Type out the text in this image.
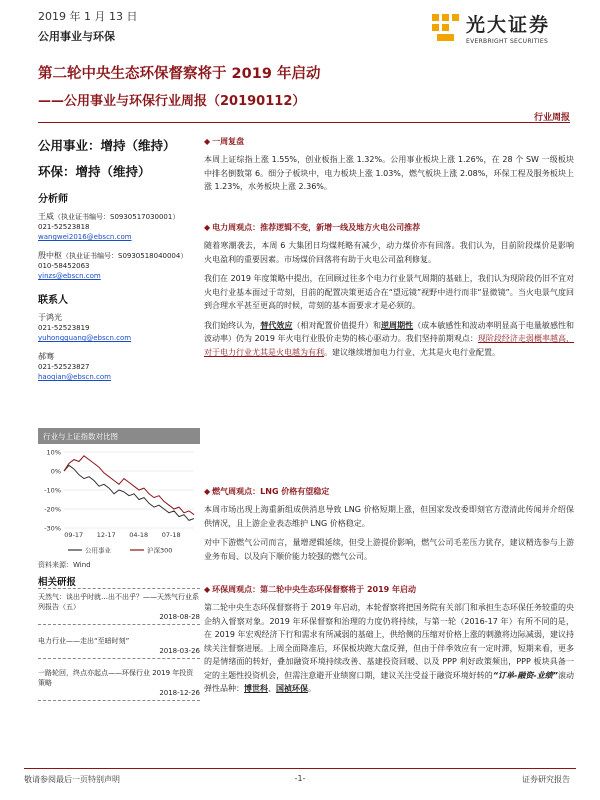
2019 年 1 月 13 日
公用事业与环保
光大证券
EVERBRIGHT SECURITIES
第二轮中央生态环保督察将于 2019 年启动
——公用事业与环保行业周报（20190112）
行业周报
公用事业：增持（维持）
环保：增持（维持）
分析师
王威（执业证书编号：S0930517030001）
021-52523818
wangwei2016@ebscn.com
殷中枢（执业证书编号：S0930518040004）
010-58452063
yinzs@ebscn.com
联系人
于鸿光
021-52523819
yuhongguang@ebscn.com
郝骞
021-52523827
haoqian@ebscn.com
行业与上证指数对比图
10%
0%
-10%
-20%
-30%
09-17 12-17 04-18 07-18
公用事业	沪深300
资料来源：Wind
相关研报
天然气：谈出乎时就…出不出乎？——天然气行业系列报告（五）
2018-08-28
电力行业——走出“至暗时刻”
2018-03-26
一路轮回，终点亦起点——环保行业 2019 年投资策略
2018-12-26
◆ 一周复盘
本周上证综指上涨 1.55%，创业板指上涨 1.32%。公用事业板块上涨 1.26%，在 28 个 SW 一级板块中排名倒数第 6。细分子板块中，电力板块上涨 1.03%，燃气板块上涨 2.08%，环保工程及服务板块上涨 1.23%，水务板块上涨 2.36%。
◆ 电力周观点：推荐逻辑不变，新增一线及地方火电公司推荐
随着寒潮袭去，本周 6 大集团日均煤耗略有减少，动力煤价亦有回落。我们认为，目前阶段煤价是影响火电盈利的重要因素。市场煤价回落将有助于火电公司盈利修复。
我们在 2019 年度策略中提出，在回顾过往多个电力行业景气周期的基础上，我们认为现阶段仍旧不宜对火电行业基本面过于苛刻，目前的配置决策更适合在“望远镜”视野中进行而非“显微镜”。当火电景气度回到合理水平甚至更高的时候，苛刻的基本面要求才是必须的。
我们始终认为，替代效应（相对配置价值提升）和逆周期性（成本敏感性和波动率明显高于电量敏感性和波动率）仍为 2019 年火电行业股价走势的核心驱动力。我们坚持前期观点：现阶段经济走弱概率越高，对于电力行业尤其是火电越为有利。建议继续增加电力行业、尤其是火电行业配置。
◆ 燃气周观点：LNG 价格有望稳定
本周市场出现上海重新组成供消息导致 LNG 价格短期上涨，但国家发改委即刻官方澄清此传闻并介绍保供情况，且上游企业表态维护 LNG 价格稳定。
对中下游燃气公司而言，量增逻辑延续，但受上游提价影响，燃气公司毛差压力犹存，建议精选参与上游业务布局、以及向下顺价能力较强的燃气公司。
◆ 环保周观点：第二轮中央生态环保督察将于 2019 年启动
第二轮中央生态环保督察将于 2019 年启动，本轮督察将把国务院有关部门和承担生态环保任务较重的央企纳入督察对象。2019 年环保督察和治理的力度仍将持续，与第一轮（2016-17 年）有所不同的是，在 2019 年宏观经济下行和需求有所减弱的基础上，供给侧的压缩对价格上涨的刺激将边际减弱，建议持续关注督察进展。上周全面降准后，环保板块跑大盘反弹，但由于伴季效应有一定时滞，短期来看，更多的是情绪面的转好，叠加融资环境持续改善、基建投资回暖、以及 PPP 利好政策频出，PPP 板块具备一定的主题性投资机会，但需注意避开业绩窗口期，建议关注受益于融资环境好转的“订单-融资-业绩”滚动弹性品种：博世科、国祯环保。
敬请参阅最后一页特别声明	-1-	证券研究报告
